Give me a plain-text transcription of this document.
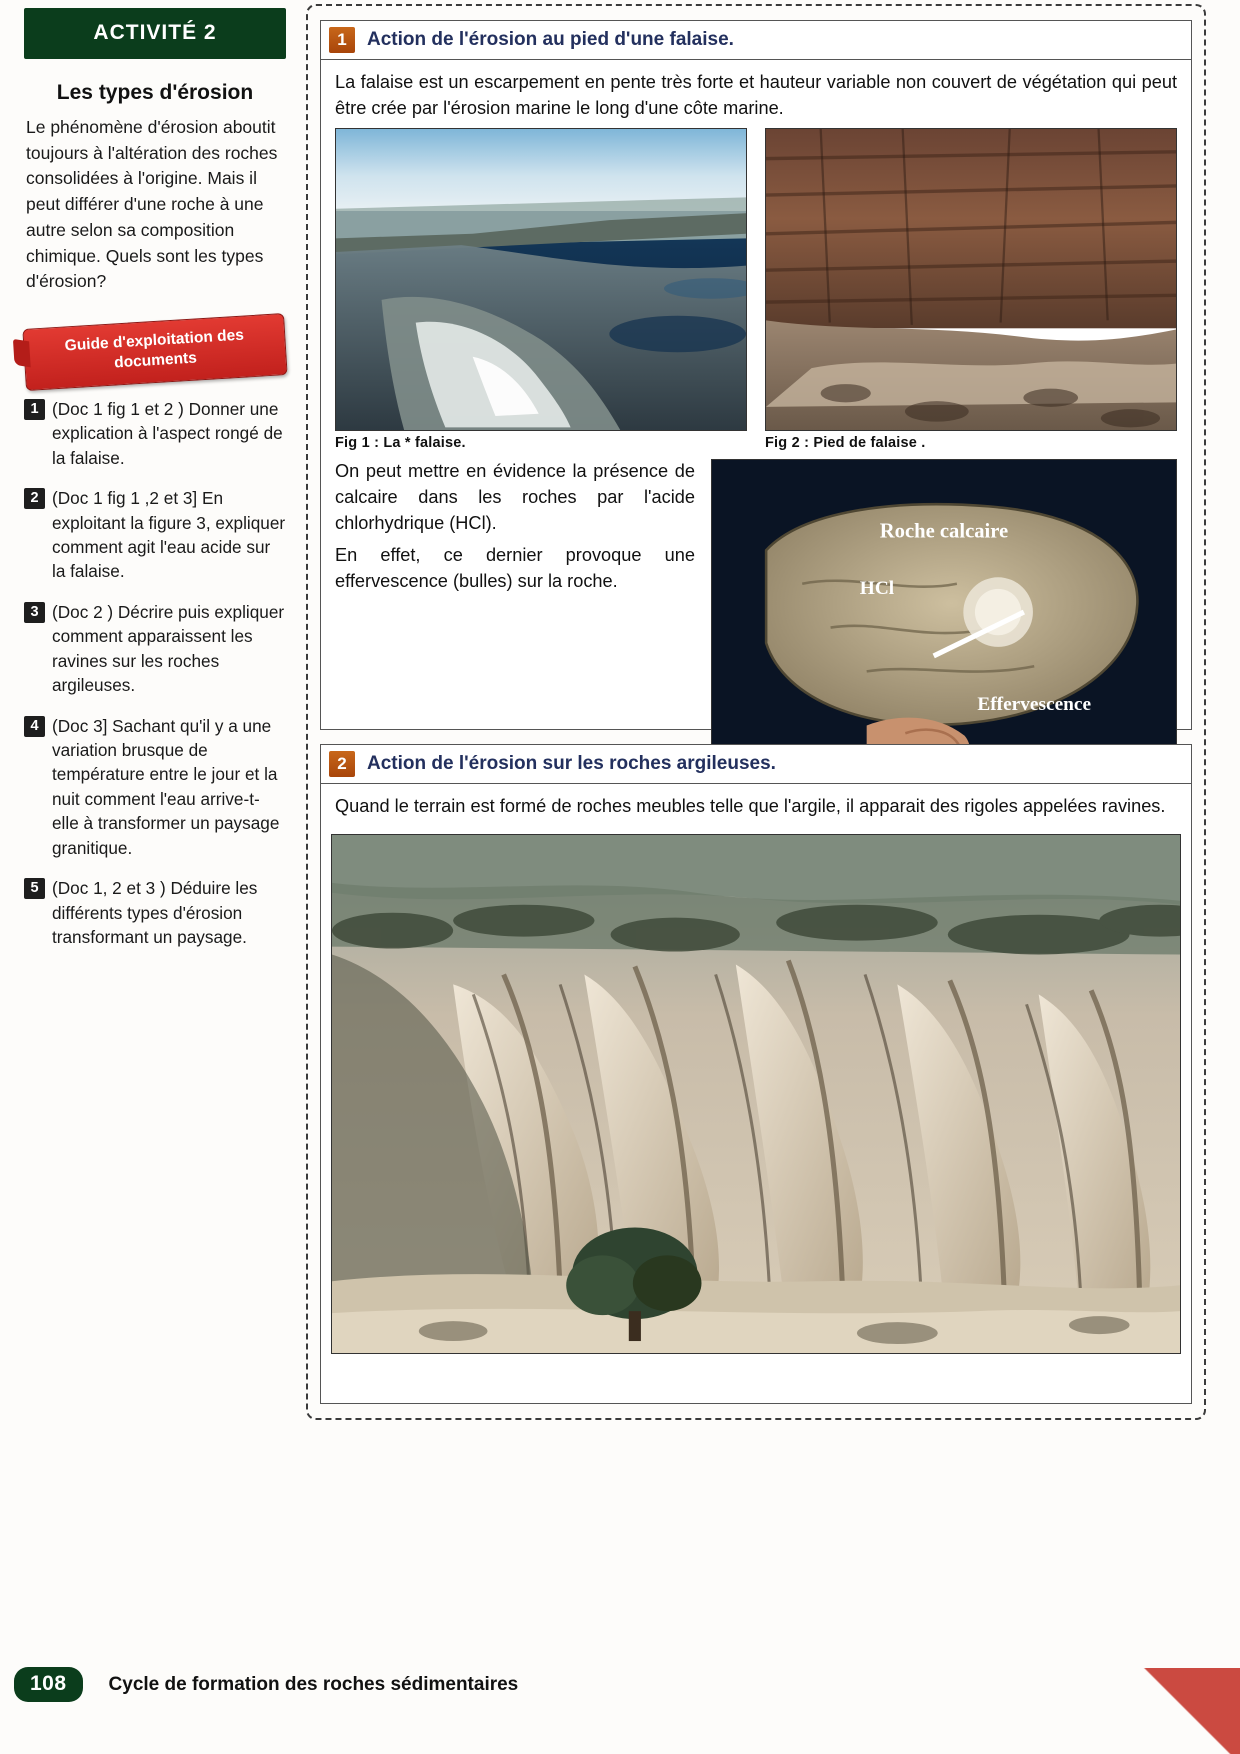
ACTIVITÉ 2
Les types d'érosion
Le phénomène d'érosion aboutit toujours à l'altération des roches consolidées à l'origine. Mais il peut différer d'une roche à une autre selon sa composition chimique. Quels sont les types d'érosion?
Guide d'exploitation des documents
1 (Doc 1 fig 1 et 2 ) Donner une explication à l'aspect rongé de la falaise.
2 (Doc 1 fig 1 ,2 et 3] En exploitant la figure 3, expliquer comment agit l'eau acide sur la falaise.
3 (Doc 2 ) Décrire puis expliquer comment apparaissent les ravines sur les roches argileuses.
4 (Doc 3] Sachant qu'il y a une variation brusque de température entre le jour et la nuit comment l'eau arrive-t-elle à transformer un paysage granitique.
5 (Doc 1, 2 et 3 ) Déduire les différents types d'érosion transformant un paysage.
1	Action de l'érosion au pied d'une falaise.

La falaise est un escarpement en pente très forte et hauteur variable non couvert de végétation qui peut être crée par l'érosion marine le long d'une côte marine.

Fig 1 : La * falaise.	Fig 2 : Pied de falaise .

On peut mettre en évidence la présence de calcaire dans les roches par l'acide chlorhydrique (HCl).

En effet, ce dernier provoque une effervescence (bulles) sur la roche.

Roche calcaire
HCl
Effervescence
2	Action de l'érosion sur les roches argileuses.

Quand le terrain est formé de roches meubles telle que l'argile, il apparait des rigoles appelées ravines.

108	Cycle de formation des roches sédimentaires
